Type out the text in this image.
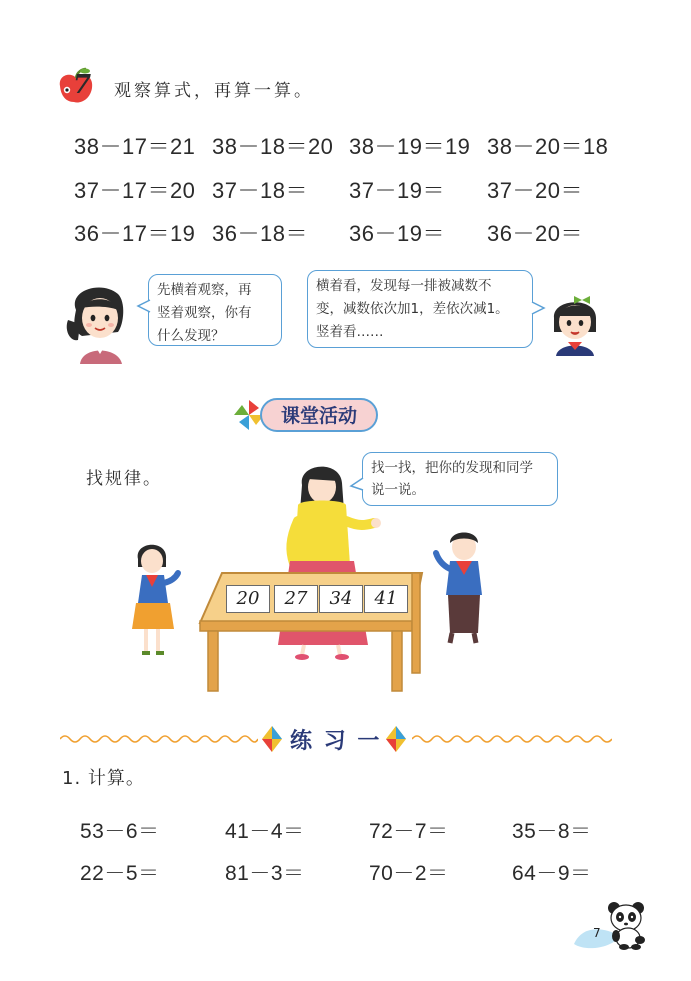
7 观察算式，再算一算。
38－17＝21 38－18＝20 38－19＝19 38－20＝18
37－17＝20 37－18＝ 37－19＝ 37－20＝
36－17＝19 36－18＝ 36－19＝ 36－20＝
先横着观察，再
竖着观察，你有
什么发现？
横着看，发现每一排被减数不
变，减数依次加1，差依次减1。
竖着看……
课堂活动
找规律。
找一找，把你的发现和同学
说一说。
20	27	34	41
练 习 一
1. 计算。
53－6＝	41－4＝	72－7＝	35－8＝
22－5＝	81－3＝	70－2＝	64－9＝
7
